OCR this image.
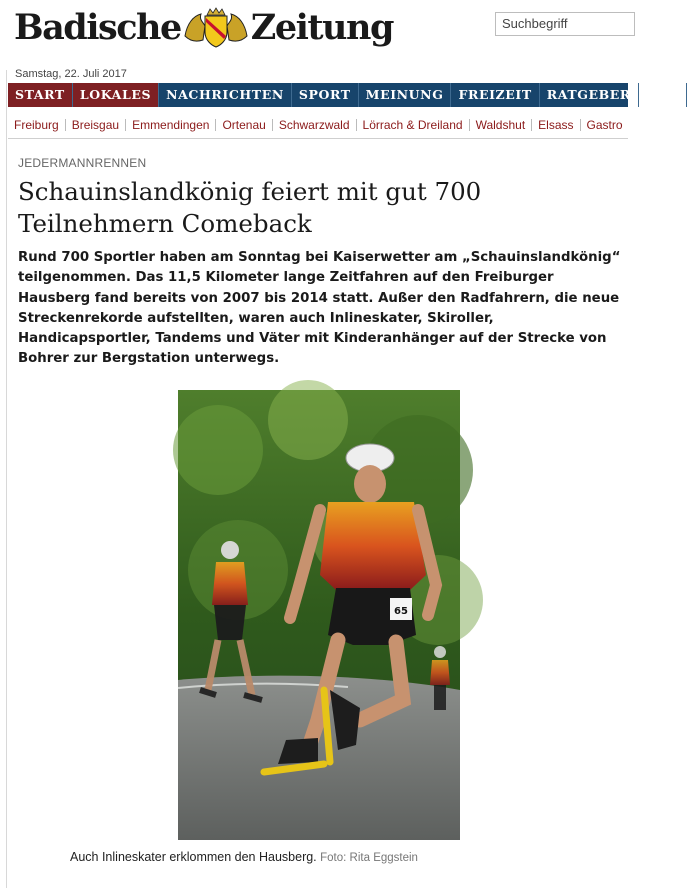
Badische Zeitung	Suchbegriff
Samstag, 22. Juli 2017
START	LOKALES	NACHRICHTEN	SPORT	MEINUNG	FREIZEIT	RATGEBER	ABO
Freiburg	Breisgau	Emmendingen	Ortenau	Schwarzwald	Lörrach & Dreiland	Waldshut	Elsass	Gastro
JEDERMANNRENNEN
Schauinslandkönig feiert mit gut 700
Teilnehmern Comeback

Rund 700 Sportler haben am Sonntag bei Kaiserwetter am „Schauinslandkönig“ teilgenommen. Das 11,5 Kilometer lange Zeitfahren auf den Freiburger Hausberg fand bereits von 2007 bis 2014 statt. Außer den Radfahrern, die neue Streckenrekorde aufstellten, waren auch Inlineskater, Skiroller, Handicapsportler, Tandems und Väter mit Kinderanhänger auf der Strecke von Bohrer zur Bergstation unterwegs.

65
Auch Inlineskater erklommen den Hausberg. Foto: Rita Eggstein
